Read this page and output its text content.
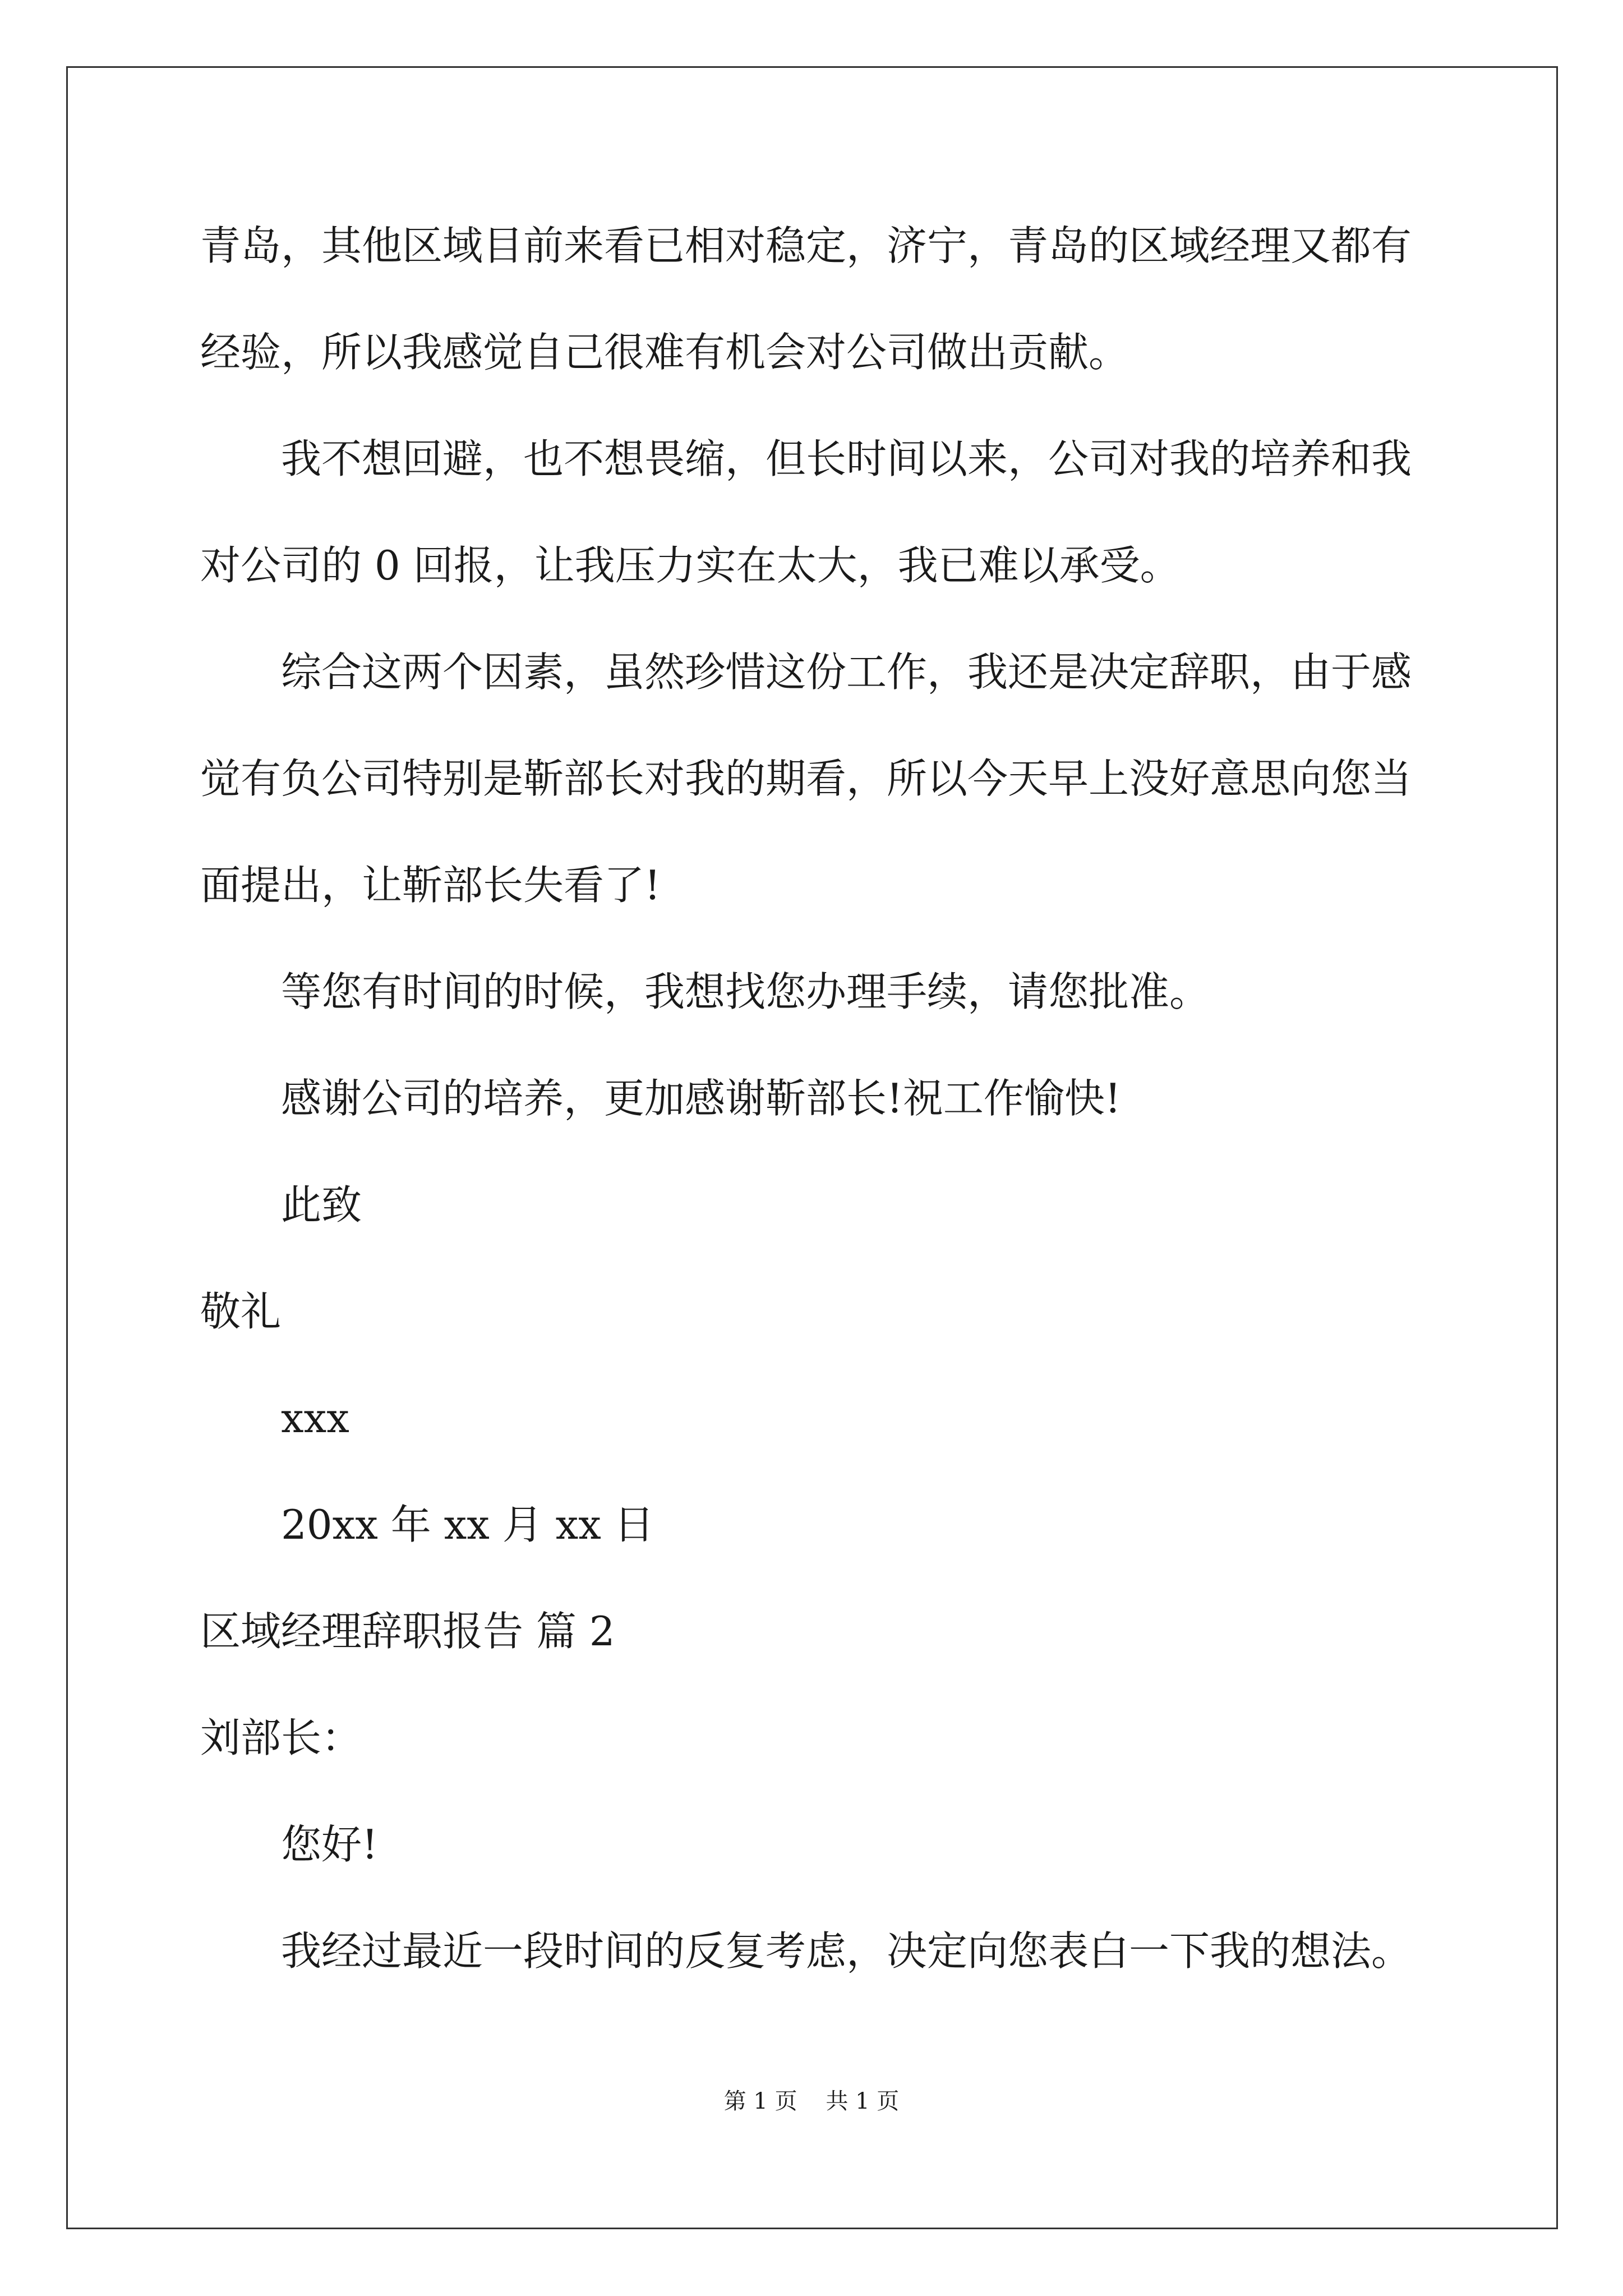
青岛，其他区域目前来看已相对稳定，济宁，青岛的区域经理又都有
经验，所以我感觉自己很难有机会对公司做出贡献。
我不想回避，也不想畏缩，但长时间以来，公司对我的培养和我
对公司的 0 回报，让我压力实在太大，我已难以承受。
综合这两个因素，虽然珍惜这份工作，我还是决定辞职，由于感
觉有负公司特别是靳部长对我的期看，所以今天早上没好意思向您当
面提出，让靳部长失看了!
等您有时间的时候，我想找您办理手续，请您批准。
感谢公司的培养，更加感谢靳部长!祝工作愉快!
此致
敬礼
xxx
20xx 年 xx 月 xx 日
区域经理辞职报告 篇 2
刘部长：
您好!
我经过最近一段时间的反复考虑，决定向您表白一下我的想法。
第 1 页    共 1 页
